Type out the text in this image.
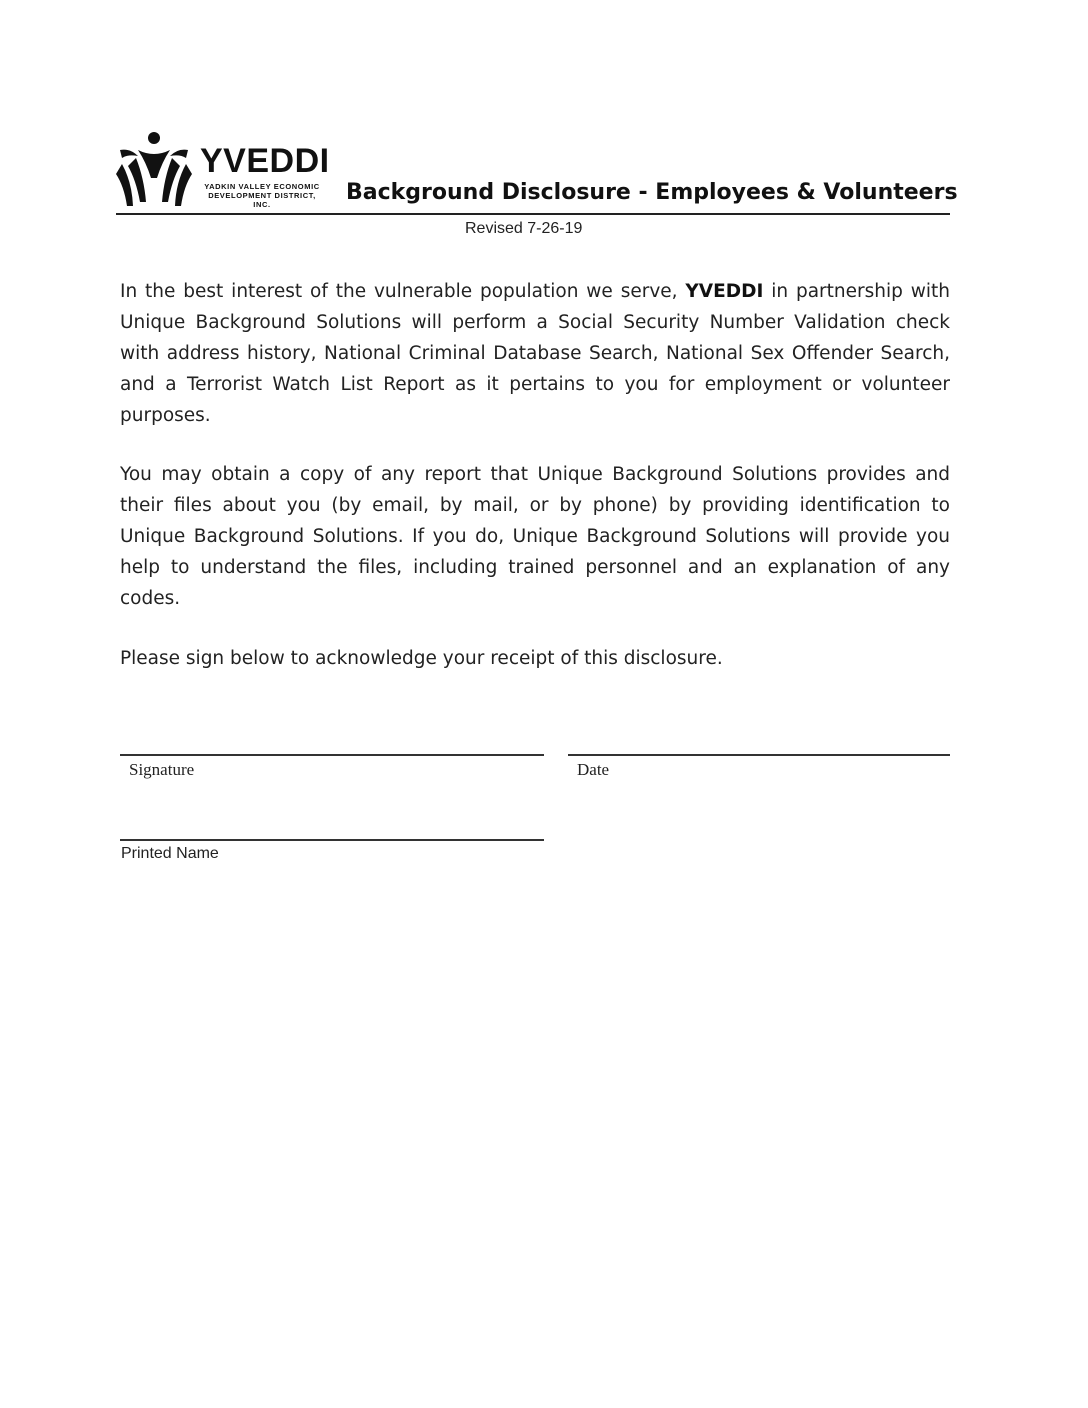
YVEDDI
YADKIN VALLEY ECONOMIC
DEVELOPMENT DISTRICT, INC.	Background Disclosure - Employees & Volunteers
Revised 7-26-19
In the best interest of the vulnerable population we serve, YVEDDI in partnership with Unique Background Solutions will perform a Social Security Number Validation check with address history, National Criminal Database Search, National Sex Offender Search, and a Terrorist Watch List Report as it pertains to you for employment or volunteer purposes.
You may obtain a copy of any report that Unique Background Solutions provides and their files about you (by email, by mail, or by phone) by providing identification to Unique Background Solutions. If you do, Unique Background Solutions will provide you help to understand the files, including trained personnel and an explanation of any codes.
Please sign below to acknowledge your receipt of this disclosure.
Signature	Date
Printed Name
